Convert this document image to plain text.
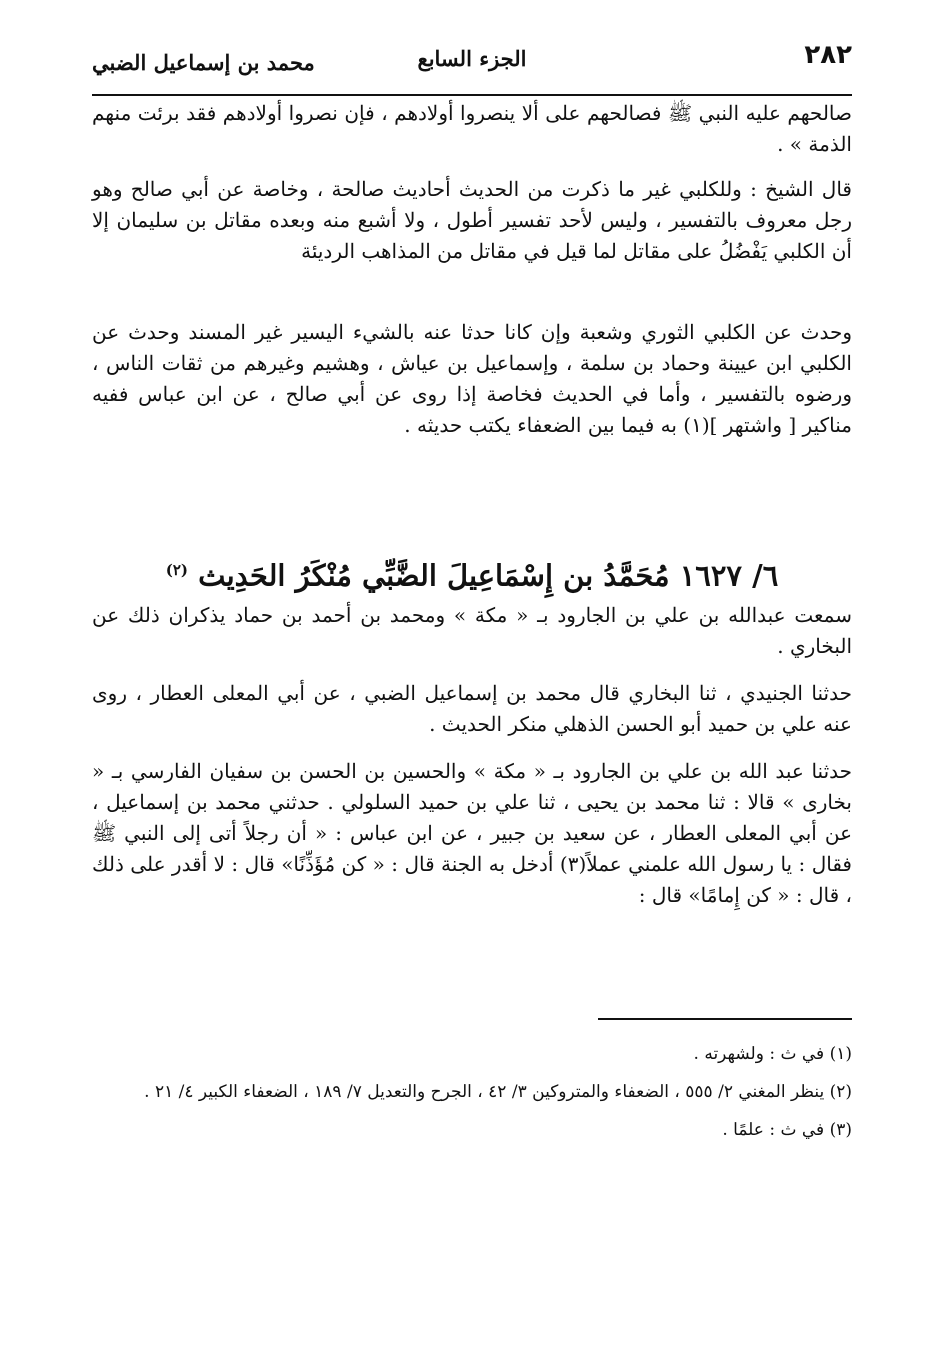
٢٨٢
الجزء السابع
محمد بن إسماعيل الضبي

صالحهم عليه النبي ﷺ فصالحهم على ألا ينصروا أولادهم ، فإن نصروا أولادهم فقد برئت منهم الذمة » .

قال الشيخ : وللكلبي غير ما ذكرت من الحديث أحاديث صالحة ، وخاصة عن أبي صالح وهو رجل معروف بالتفسير ، وليس لأحد تفسير أطول ، ولا أشبع منه وبعده مقاتل بن سليمان إلا أن الكلبي يَفْضُلُ على مقاتل لما قيل في مقاتل من المذاهب الرديئة

وحدث عن الكلبي الثوري وشعبة وإن كانا حدثا عنه بالشيء اليسير غير المسند وحدث عن الكلبي ابن عيينة وحماد بن سلمة ، وإسماعيل بن عياش ، وهشيم وغيرهم من ثقات الناس ، ورضوه بالتفسير ، وأما في الحديث فخاصة إذا روى عن أبي صالح ، عن ابن عباس ففيه مناكير [ واشتهر ](١) به فيما بين الضعفاء يكتب حديثه .

٦/ ١٦٢٧ مُحَمَّدُ بن إِسْمَاعِيلَ الضَّبِّي مُنْكَرُ الحَدِيث $^{(٢)}$

سمعت عبدالله بن علي بن الجارود بـ « مكة » ومحمد بن أحمد بن حماد يذكران ذلك عن البخاري .

حدثنا الجنيدي ، ثنا البخاري قال محمد بن إسماعيل الضبي ، عن أبي المعلى العطار ، روى عنه علي بن حميد أبو الحسن الذهلي منكر الحديث .

حدثنا عبد الله بن علي بن الجارود بـ « مكة » والحسين بن الحسن بن سفيان الفارسي بـ « بخارى » قالا : ثنا محمد بن يحيى ، ثنا علي بن حميد السلولي . حدثني محمد بن إسماعيل ، عن أبي المعلى العطار ، عن سعيد بن جبير ، عن ابن عباس : « أن رجلاً أتى إلى النبي ﷺ فقال : يا رسول الله علمني عملاً(٣) أدخل به الجنة قال : « كن مُؤَذِّنًا» قال : لا أقدر على ذلك ، قال : « كن إِمامًا» قال :

(١) في ث : ولشهرته .

(٢) ينظر المغني ٢/ ٥٥٥ ، الضعفاء والمتروكين ٣/ ٤٢ ، الجرح والتعديل ٧/ ١٨٩ ، الضعفاء الكبير ٤/ ٢١ .

(٣) في ث : علمًا .
